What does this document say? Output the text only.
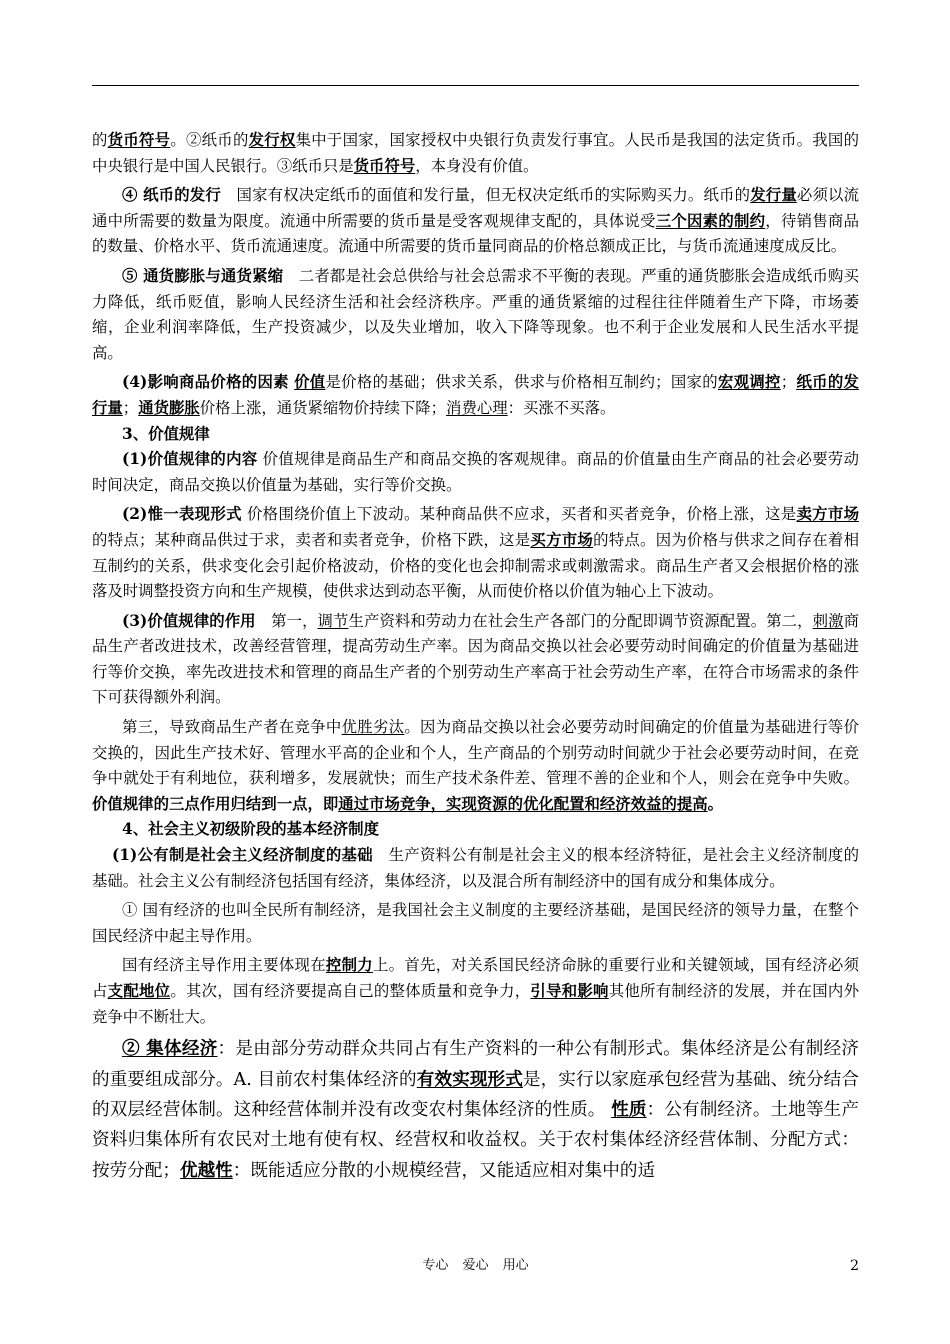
的货币符号。②纸币的发行权集中于国家，国家授权中央银行负责发行事宜。人民币是我国的法定货币。我国的中央银行是中国人民银行。③纸币只是货币符号，本身没有价值。

④ 纸币的发行　国家有权决定纸币的面值和发行量，但无权决定纸币的实际购买力。纸币的发行量必须以流通中所需要的数量为限度。流通中所需要的货币量是受客观规律支配的，具体说受三个因素的制约，待销售商品的数量、价格水平、货币流通速度。流通中所需要的货币量同商品的价格总额成正比，与货币流通速度成反比。

⑤ 通货膨胀与通货紧缩　二者都是社会总供给与社会总需求不平衡的表现。严重的通货膨胀会造成纸币购买力降低，纸币贬值，影响人民经济生活和社会经济秩序。严重的通货紧缩的过程往往伴随着生产下降，市场萎缩，企业利润率降低，生产投资减少，以及失业增加，收入下降等现象。也不利于企业发展和人民生活水平提高。

(4)影响商品价格的因素 价值是价格的基础；供求关系，供求与价格相互制约；国家的宏观调控；纸币的发行量；通货膨胀价格上涨，通货紧缩物价持续下降；消费心理：买涨不买落。

3、价值规律

(1)价值规律的内容 价值规律是商品生产和商品交换的客观规律。商品的价值量由生产商品的社会必要劳动时间决定，商品交换以价值量为基础，实行等价交换。

(2)惟一表现形式 价格围绕价值上下波动。某种商品供不应求，买者和买者竞争，价格上涨，这是卖方市场的特点；某种商品供过于求，卖者和卖者竞争，价格下跌，这是买方市场的特点。因为价格与供求之间存在着相互制约的关系，供求变化会引起价格波动，价格的变化也会抑制需求或刺激需求。商品生产者又会根据价格的涨落及时调整投资方向和生产规模，使供求达到动态平衡，从而使价格以价值为轴心上下波动。

(3)价值规律的作用　第一，调节生产资料和劳动力在社会生产各部门的分配即调节资源配置。第二，刺激商品生产者改进技术，改善经营管理，提高劳动生产率。因为商品交换以社会必要劳动时间确定的价值量为基础进行等价交换，率先改进技术和管理的商品生产者的个别劳动生产率高于社会劳动生产率，在符合市场需求的条件下可获得额外利润。

第三，导致商品生产者在竞争中优胜劣汰。因为商品交换以社会必要劳动时间确定的价值量为基础进行等价交换的，因此生产技术好、管理水平高的企业和个人，生产商品的个别劳动时间就少于社会必要劳动时间，在竞争中就处于有利地位，获利增多，发展就快；而生产技术条件差、管理不善的企业和个人，则会在竞争中失败。价值规律的三点作用归结到一点，即通过市场竞争，实现资源的优化配置和经济效益的提高。

4、社会主义初级阶段的基本经济制度

(1)公有制是社会主义经济制度的基础　生产资料公有制是社会主义的根本经济特征，是社会主义经济制度的基础。社会主义公有制经济包括国有经济，集体经济，以及混合所有制经济中的国有成分和集体成分。

① 国有经济的也叫全民所有制经济，是我国社会主义制度的主要经济基础，是国民经济的领导力量，在整个国民经济中起主导作用。

国有经济主导作用主要体现在控制力上。首先，对关系国民经济命脉的重要行业和关键领域，国有经济必须占支配地位。其次，国有经济要提高自己的整体质量和竞争力，引导和影响其他所有制经济的发展，并在国内外竞争中不断壮大。

② 集体经济：是由部分劳动群众共同占有生产资料的一种公有制形式。集体经济是公有制经济的重要组成部分。A. 目前农村集体经济的有效实现形式是，实行以家庭承包经营为基础、统分结合的双层经营体制。这种经营体制并没有改变农村集体经济的性质。 性质：公有制经济。土地等生产资料归集体所有农民对土地有使有权、经营权和收益权。关于农村集体经济经营体制、分配方式：按劳分配；优越性：既能适应分散的小规模经营，又能适应相对集中的适

专心 爱心 用心	2
